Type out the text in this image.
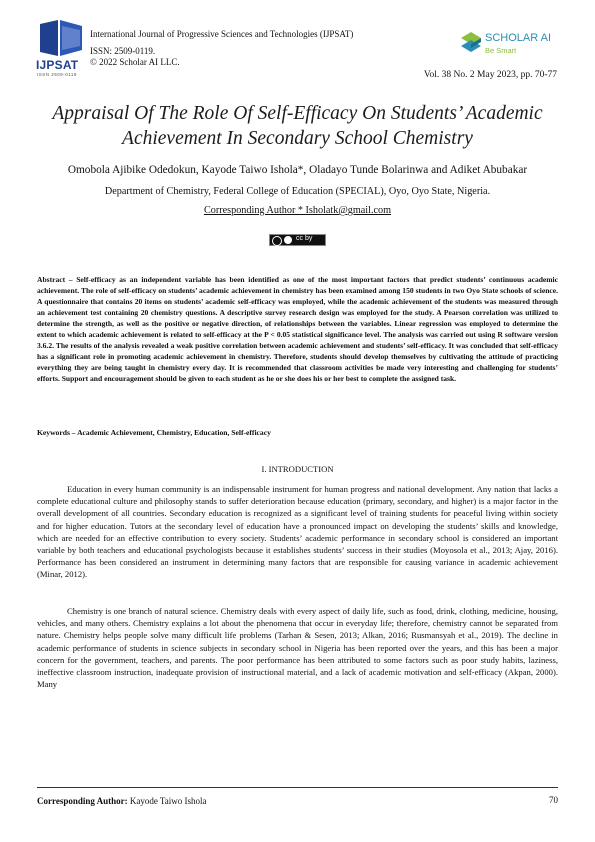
IJPSAT
ISSN 2509-0119
International Journal of Progressive Sciences and Technologies (IJPSAT)
ISSN: 2509-0119.
© 2022 Scholar AI LLC.
SCHOLAR AI
Be Smart
Vol. 38 No. 2 May 2023, pp. 70-77
Appraisal Of The Role Of Self-Efficacy On Students’ Academic Achievement In Secondary School Chemistry
Omobola Ajibike Odedokun, Kayode Taiwo Ishola*, Oladayo Tunde Bolarinwa and Adiket Abubakar
Department of Chemistry, Federal College of Education (SPECIAL), Oyo, Oyo State, Nigeria.
Corresponding Author * Isholatk@gmail.com
cc by
Abstract – Self-efficacy as an independent variable has been identified as one of the most important factors that predict students’ continuous academic achievement. The role of self-efficacy on students’ academic achievement in chemistry has been examined among 150 students in two Oyo State schools of science. A questionnaire that contains 20 items on students’ academic self-efficacy was employed, while the academic achievement of the students was measured through an achievement test containing 20 chemistry questions. A descriptive survey research design was employed for the study. A Pearson correlation was utilized to determine the strength, as well as the positive or negative direction, of relationships between the variables. Linear regression was employed to determine the extent to which academic achievement is related to self-efficacy at the P < 0.05 statistical significance level. The analysis was carried out using R software version 3.6.2. The results of the analysis revealed a weak positive correlation between academic achievement and students’ self-efficacy. It was concluded that self-efficacy has a significant role in promoting academic achievement in chemistry. Therefore, students should develop themselves by cultivating the attitude of practicing everything they are being taught in chemistry every day. It is recommended that classroom activities be made very interesting and challenging for students’ efforts. Support and encouragement should be given to each student as he or she does his or her best to complete the assigned task.
Keywords – Academic Achievement, Chemistry, Education, Self-efficacy
I. INTRODUCTION
Education in every human community is an indispensable instrument for human progress and national development. Any nation that lacks a complete educational culture and philosophy stands to suffer deterioration because education (primary, secondary, and higher) is a major factor in the overall development of all countries. Secondary education is recognized as a significant level of training students for peaceful living within society and for higher education. Tutors at the secondary level of education have a pronounced impact on developing the students’ skills and knowledge, which are needed for an effective contribution to every society. Students’ academic performance in secondary school is considered an important variable by both teachers and educational psychologists because it establishes students’ success in their studies (Moyosola et al., 2013; Ajay, 2016). Performance has been considered an instrument in determining many factors that are responsible for causing variance in academic achievement (Minar, 2012).
Chemistry is one branch of natural science. Chemistry deals with every aspect of daily life, such as food, drink, clothing, medicine, housing, vehicles, and many others. Chemistry explains a lot about the phenomena that occur in everyday life; therefore, chemistry cannot be separated from nature. Chemistry helps people solve many difficult life problems (Tarhan & Sesen, 2013; Alkan, 2016; Rusmansyah et al., 2019). The decline in academic performance of students in science subjects in secondary school in Nigeria has been reported over the years, and this has been a major concern for the government, teachers, and parents. The poor performance has been attributed to some factors such as poor study habits, laziness, ineffective classroom instruction, inadequate provision of instructional material, and a lack of academic motivation and self-efficacy (Akpan, 2000). Many
Corresponding Author: Kayode Taiwo Ishola	70
